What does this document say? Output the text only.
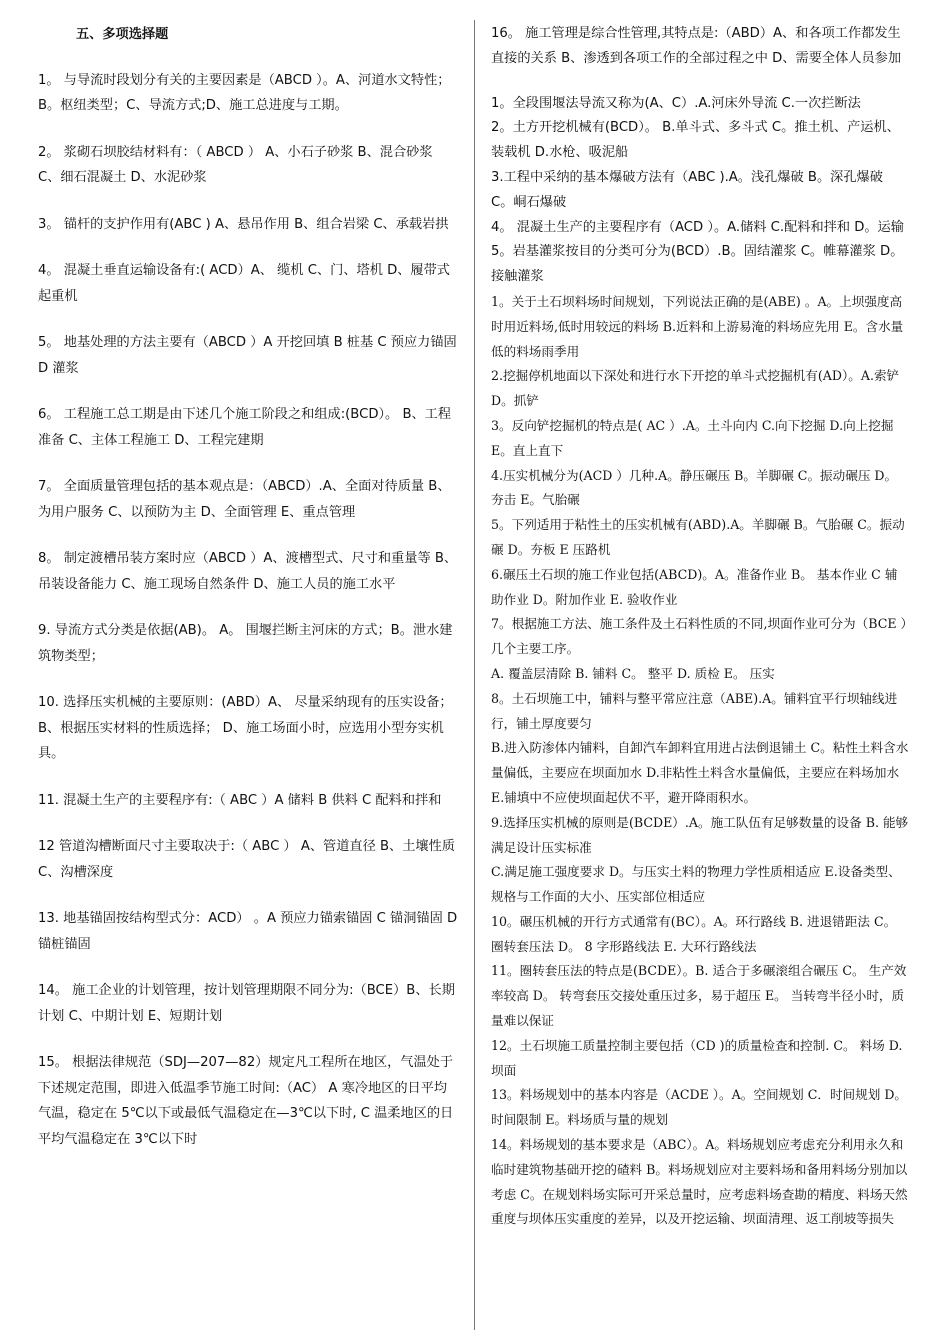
五、多项选择题
1。 与导流时段划分有关的主要因素是（ABCD ）。A、河道水文特性；B。枢纽类型；C、导流方式;D、施工总进度与工期。
2。 浆砌石坝胶结材料有：（ ABCD ） A、小石子砂浆 B、混合砂浆 C、细石混凝土 D、水泥砂浆
3。 锚杆的支护作用有(ABC ) A、悬吊作用 B、组合岩梁 C、承载岩拱
4。 混凝土垂直运输设备有:( ACD）A、 缆机 C、门、塔机 D、履带式起重机
5。 地基处理的方法主要有（ABCD ）A 开挖回填 B 桩基 C 预应力锚固 D 灌浆
6。 工程施工总工期是由下述几个施工阶段之和组成:(BCD）。 B、工程准备 C、主体工程施工 D、工程完建期
7。 全面质量管理包括的基本观点是：（ABCD）.A、全面对待质量 B、为用户服务 C、以预防为主 D、全面管理 E、重点管理
8。 制定渡槽吊装方案时应（ABCD ）A、渡槽型式、尺寸和重量等 B、吊装设备能力 C、施工现场自然条件 D、施工人员的施工水平
9. 导流方式分类是依据(AB)。 A。 围堰拦断主河床的方式；B。泄水建筑物类型；
10. 选择压实机械的主要原则：(ABD）A、 尽量采纳现有的压实设备；B、根据压实材料的性质选择； D、施工场面小时，应选用小型夯实机具。
11. 混凝土生产的主要程序有:（ ABC ）A 储料 B 供料 C 配料和拌和
12 管道沟槽断面尺寸主要取决于:（ ABC ） A、管道直径 B、土壤性质 C、沟槽深度
13. 地基锚固按结构型式分：ACD） 。A 预应力锚索锚固 C 锚洞锚固 D 锚桩锚固
14。 施工企业的计划管理，按计划管理期限不同分为:（BCE）B、长期计划 C、中期计划 E、短期计划
15。 根据法律规范（SDJ—207—82）规定凡工程所在地区，气温处于下述规定范围，即进入低温季节施工时间:（AC） A 寒冷地区的日平均气温，稳定在 5℃以下或最低气温稳定在—3℃以下时, C 温柔地区的日平均气温稳定在 3℃以下时
16。 施工管理是综合性管理,其特点是:（ABD）A、和各项工作都发生直接的关系 B、渗透到各项工作的全部过程之中 D、需要全体人员参加
1。全段围堰法导流又称为(A、C）.A.河床外导流 C.一次拦断法
2。土方开挖机械有(BCD）。 B.单斗式、多斗式 C。推土机、产运机、装载机 D.水枪、吸泥船
3.工程中采纳的基本爆破方法有（ABC ).A。浅孔爆破 B。深孔爆破 C。峒石爆破
4。 混凝土生产的主要程序有（ACD ）。A.储料 C.配料和拌和 D。运输
5。岩基灌浆按目的分类可分为(BCD）.B。固结灌浆 C。帷幕灌浆 D。接触灌浆
1。关于土石坝料场时间规划，下列说法正确的是(ABE) 。A。上坝强度高时用近料场,低时用较远的料场 B.近料和上游易淹的料场应先用 E。含水量低的料场雨季用
2.挖掘停机地面以下深处和进行水下开挖的单斗式挖掘机有(AD）。A.索铲 D。抓铲
3。反向铲挖掘机的特点是( AC ）.A。土斗向内 C.向下挖掘 D.向上挖掘 E。直上直下
4.压实机械分为(ACD ）几种.A。静压碾压 B。羊脚碾 C。振动碾压 D。夯击 E。气胎碾
5。下列适用于粘性土的压实机械有(ABD).A。羊脚碾 B。气胎碾 C。振动碾 D。夯板 E 压路机
6.碾压土石坝的施工作业包括(ABCD)。A。准备作业 B。 基本作业 C 辅助作业 D。附加作业 E. 验收作业
7。根据施工方法、施工条件及土石料性质的不同,坝面作业可分为（BCE ）几个主要工序。
A. 覆盖层清除 B. 铺料 C。 整平 D. 质检 E。 压实
8。土石坝施工中，铺料与整平常应注意（ABE).A。铺料宜平行坝轴线进行，铺土厚度要匀
B.进入防渗体内铺料，自卸汽车卸料宜用进占法倒退铺土 C。粘性土料含水量偏低，主要应在坝面加水 D.非粘性土料含水量偏低，主要应在料场加水 E.铺填中不应使坝面起伏不平，避开降雨积水。
9.选择压实机械的原则是(BCDE）.A。施工队伍有足够数量的设备 B. 能够满足设计压实标准
C.满足施工强度要求 D。与压实土料的物理力学性质相适应 E.设备类型、规格与工作面的大小、压实部位相适应
10。碾压机械的开行方式通常有(BC）。A。环行路线 B. 进退错距法 C。 圈转套压法 D。 8 字形路线法 E. 大环行路线法
11。圈转套压法的特点是(BCDE）。B. 适合于多碾滚组合碾压 C。 生产效率较高 D。 转弯套压交接处重压过多，易于超压 E。 当转弯半径小时，质量难以保证
12。土石坝施工质量控制主要包括（CD )的质量检查和控制. C。 料场 D. 坝面
13。料场规划中的基本内容是（ACDE ）。A。空间规划 C．时间规划 D。时间限制 E。料场质与量的规划
14。料场规划的基本要求是（ABC）。A。料场规划应考虑充分利用永久和临时建筑物基础开挖的碴料 B。料场规划应对主要料场和备用料场分别加以考虑 C。在规划料场实际可开采总量时，应考虑料场查勘的精度、料场天然重度与坝体压实重度的差异，以及开挖运输、坝面清理、返工削坡等损失
